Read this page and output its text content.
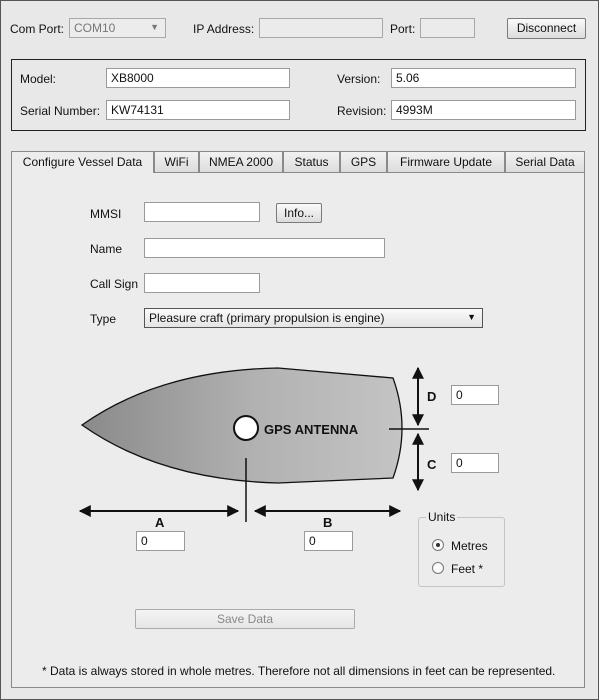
Com Port: COM10	▼	IP Address:	Port:	Disconnect
Model:	XB8000
Serial Number: KW74131
Version:	5.06
Revision: 4993M
Configure Vessel Data	WiFi	NMEA 2000	Status	GPS	Firmware Update	Serial Data
MMSI	Info...
Name
Call Sign
Type	Pleasure craft (primary propulsion is engine)	▼
GPS ANTENNA
D	0
C	0
A
0
B
0
Units
Metres
Feet *
Save Data
* Data is always stored in whole metres. Therefore not all dimensions in feet can be represented.
